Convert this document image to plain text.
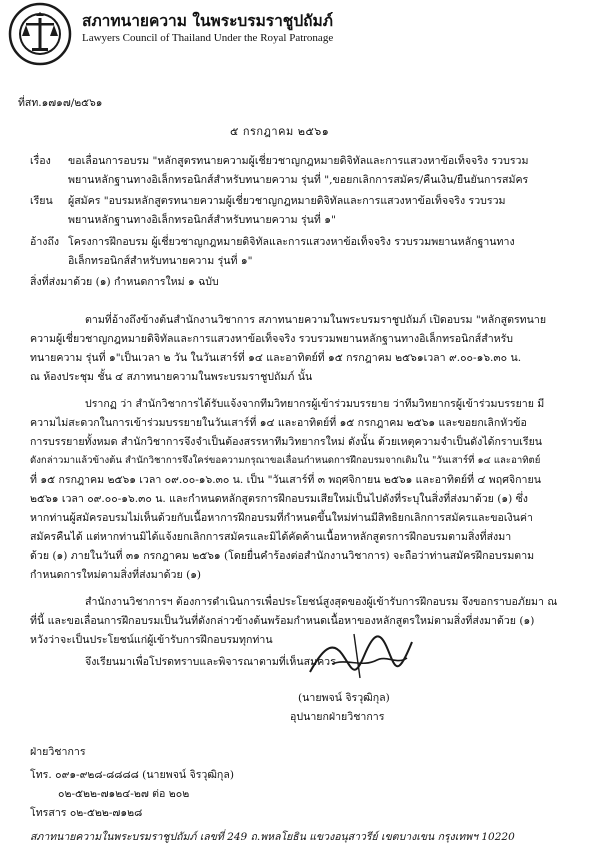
สภาทนายความ ในพระบรมราชูปถัมภ์
Lawyers Council of Thailand Under the Royal Patronage
ที่สท.๑๗๑๗/๒๕๖๑
๕ กรกฎาคม ๒๕๖๑
เรื่อง ขอเลื่อนการอบรม "หลักสูตรทนายความผู้เชี่ยวชาญกฎหมายดิจิทัลและการแสวงหาข้อเท็จจริง รวบรวม
พยานหลักฐานทางอิเล็กทรอนิกส์สำหรับทนายความ รุ่นที่ ",ขอยกเลิกการสมัคร/คืนเงิน/ยืนยันการสมัคร
เรียน ผู้สมัคร "อบรมหลักสูตรทนายความผู้เชี่ยวชาญกฎหมายดิจิทัลและการแสวงหาข้อเท็จจริง รวบรวม
พยานหลักฐานทางอิเล็กทรอนิกส์สำหรับทนายความ รุ่นที่ ๑"
อ้างถึง โครงการฝึกอบรม ผู้เชี่ยวชาญกฎหมายดิจิทัลและการแสวงหาข้อเท็จจริง รวบรวมพยานหลักฐานทาง
อิเล็กทรอนิกส์สำหรับทนายความ รุ่นที่ ๑"
สิ่งที่ส่งมาด้วย (๑) กำหนดการใหม่ ๑ ฉบับ
ตามที่อ้างถึงข้างต้นสำนักงานวิชาการ สภาทนายความในพระบรมราชูปถัมภ์ เปิดอบรม "หลักสูตรทนาย
ความผู้เชี่ยวชาญกฎหมายดิจิทัลและการแสวงหาข้อเท็จจริง รวบรวมพยานหลักฐานทางอิเล็กทรอนิกส์สำหรับ
ทนายความ รุ่นที่ ๑"เป็นเวลา ๒ วัน ในวันเสาร์ที่ ๑๔ และอาทิตย์ที่ ๑๕ กรกฎาคม ๒๕๖๑เวลา ๙.๐๐-๑๖.๓๐ น.
ณ ห้องประชุม ชั้น ๔ สภาทนายความในพระบรมราชูปถัมภ์ นั้น
ปรากฏ ว่า สำนักวิชาการได้รับแจ้งจากทีมวิทยากรผู้เข้าร่วมบรรยาย ว่าทีมวิทยากรผู้เข้าร่วมบรรยาย มี
ความไม่สะดวกในการเข้าร่วมบรรยายในวันเสาร์ที่ ๑๔ และอาทิตย์ที่ ๑๕ กรกฎาคม ๒๕๖๑ และขอยกเลิกหัวข้อ
การบรรยายทั้งหมด สำนักวิชาการจึงจำเป็นต้องสรรหาทีมวิทยากรใหม่ ดังนั้น ด้วยเหตุความจำเป็นดังได้กราบเรียน
ดังกล่าวมาแล้วข้างต้น สำนักวิชาการจึงใคร่ขอความกรุณาขอเลื่อนกำหนดการฝึกอบรมจากเดิมใน "วันเสาร์ที่ ๑๔ และอาทิตย์
ที่ ๑๕ กรกฎาคม ๒๕๖๑ เวลา ๐๙.๐๐-๑๖.๓๐ น. เป็น "วันเสาร์ที่ ๓ พฤศจิกายน ๒๕๖๑ และอาทิตย์ที่ ๔ พฤศจิกายน
๒๕๖๑ เวลา ๐๙.๐๐-๑๖.๓๐ น. และกำหนดหลักสูตรการฝึกอบรมเสียใหม่เป็นไปดังที่ระบุในสิ่งที่ส่งมาด้วย (๑) ซึ่ง
หากท่านผู้สมัครอบรมไม่เห็นด้วยกับเนื้อหาการฝึกอบรมที่กำหนดขึ้นใหม่ท่านมีสิทธิยกเลิกการสมัครและขอเงินค่า
สมัครคืนได้ แต่หากท่านมิได้แจ้งยกเลิกการสมัครและมิได้คัดค้านเนื้อหาหลักสูตรการฝึกอบรมตามสิ่งที่ส่งมา
ด้วย (๑) ภายในวันที่ ๓๑ กรกฎาคม ๒๕๖๑ (โดยยื่นคำร้องต่อสำนักงานวิชาการ) จะถือว่าท่านสมัครฝึกอบรมตาม
กำหนดการใหม่ตามสิ่งที่ส่งมาด้วย (๑)
สำนักงานวิชาการฯ ต้องการดำเนินการเพื่อประโยชน์สูงสุดของผู้เข้ารับการฝึกอบรม จึงขอกราบอภัยมา ณ
ที่นี้ และขอเลื่อนการฝึกอบรมเป็นวันที่ดังกล่าวข้างต้นพร้อมกำหนดเนื้อหาของหลักสูตรใหม่ตามสิ่งที่ส่งมาด้วย (๑)
หวังว่าจะเป็นประโยชน์แก่ผู้เข้ารับการฝึกอบรมทุกท่าน
จึงเรียนมาเพื่อโปรดทราบและพิจารณาตามที่เห็นสมควร
(นายพจน์ จิรวุฒิกุล)
อุปนายกฝ่ายวิชาการ
ฝ่ายวิชาการ
โทร. ๐๙๑-๙๒๘-๘๘๘๘ (นายพจน์ จิรวุฒิกุล)
๐๒-๕๒๒-๗๑๒๔-๒๗ ต่อ ๒๐๒
โทรสาร ๐๒-๕๒๒-๗๑๒๘
สภาทนายความในพระบรมราชูปถัมภ์ เลขที่ 249 ถ.พหลโยธิน แขวงอนุสาวรีย์ เขตบางเขน กรุงเทพฯ 10220
